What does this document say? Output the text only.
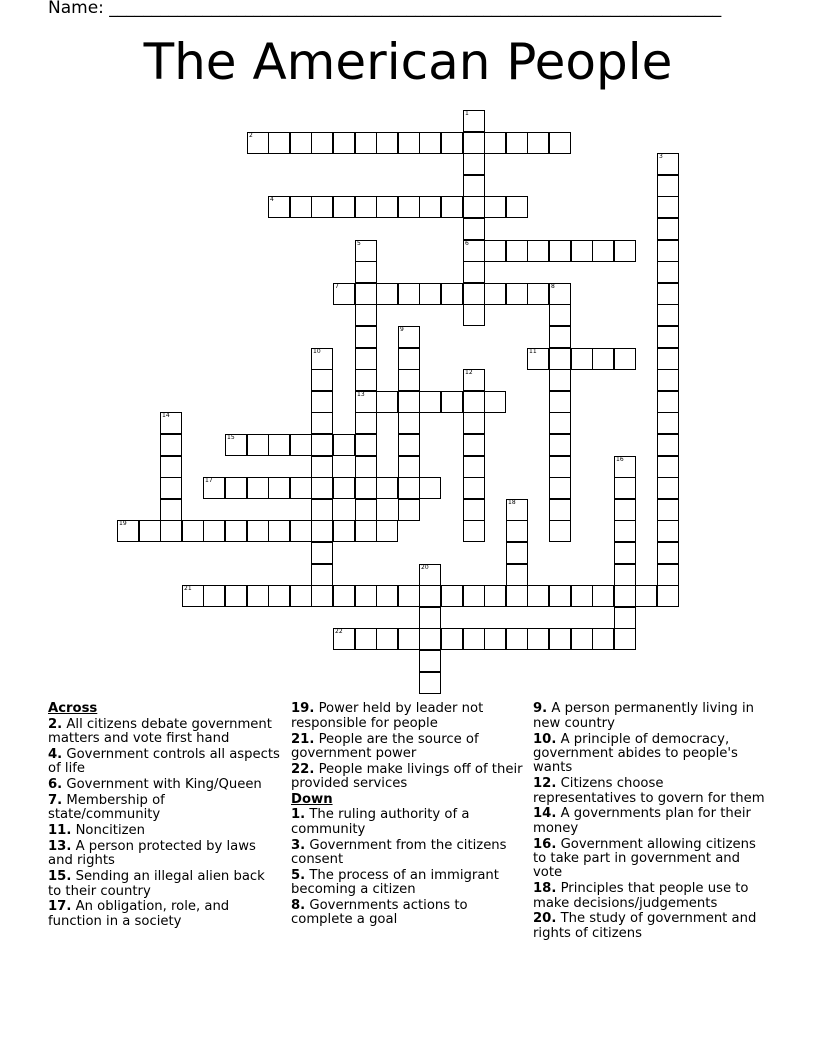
Name: ________________________________________________________________________
The American People
1
6
2
3
4
5
13
7	8
9
10	11
12
14
15
16
17
18
19
20
21
22
Across
2. All citizens debate government matters and vote first hand
4. Government controls all aspects of life
6. Government with King/Queen
7. Membership of state/community
11. Noncitizen
13. A person protected by laws and rights
15. Sending an illegal alien back to their country
17. An obligation, role, and function in a society
19. Power held by leader not responsible for people
21. People are the source of government power
22. People make livings off of their provided services
Down
1. The ruling authority of a community
3. Government from the citizens consent
5. The process of an immigrant becoming a citizen
8. Governments actions to complete a goal
9. A person permanently living in new country
10. A principle of democracy, government abides to people's wants
12. Citizens choose representatives to govern for them
14. A governments plan for their money
16. Government allowing citizens to take part in government and vote
18. Principles that people use to make decisions/judgements
20. The study of government and rights of citizens
